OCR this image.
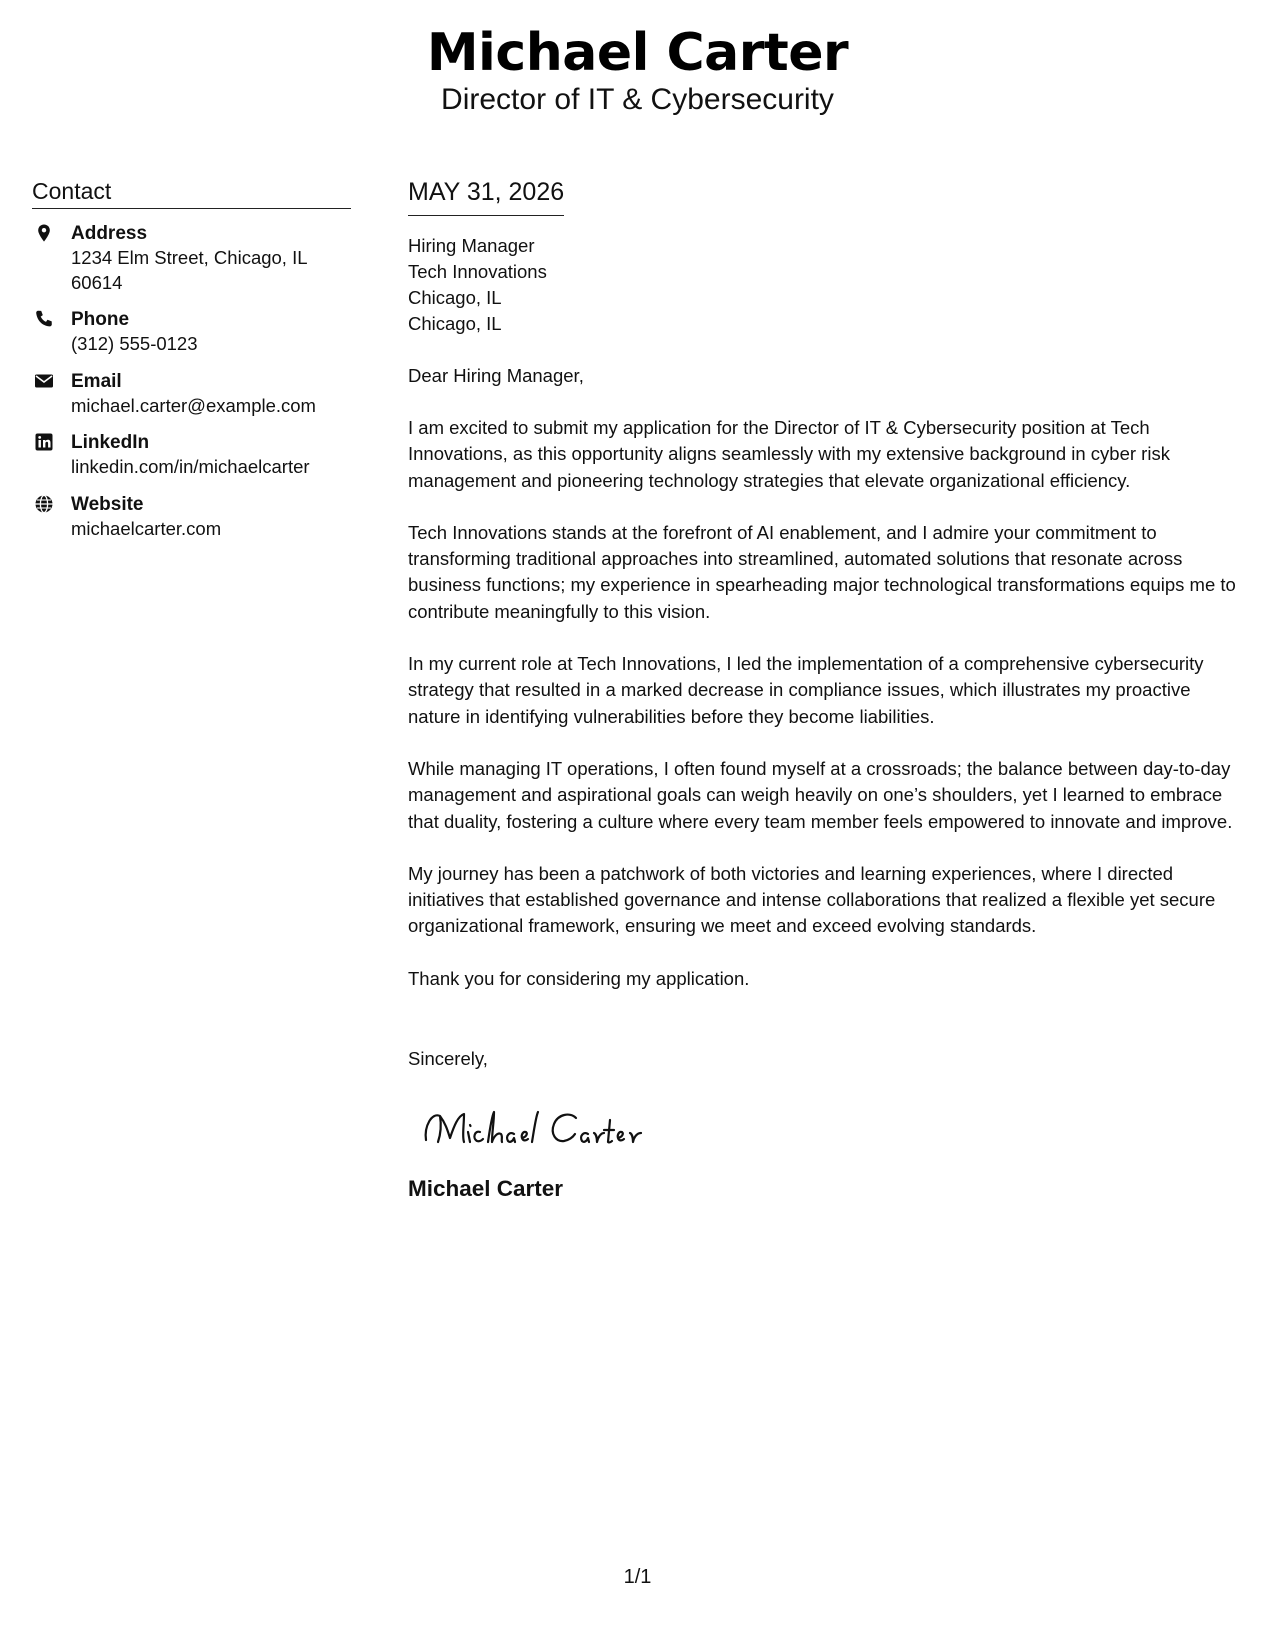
Michael Carter
Director of IT & Cybersecurity
Contact
Address
1234 Elm Street, Chicago, IL
60614
Phone
(312) 555-0123
Email
michael.carter@example.com
LinkedIn
linkedin.com/in/michaelcarter
Website
michaelcarter.com
MAY 31, 2026
Hiring Manager
Tech Innovations
Chicago, IL
Chicago, IL
Dear Hiring Manager,
I am excited to submit my application for the Director of IT & Cybersecurity position at Tech Innovations, as this opportunity aligns seamlessly with my extensive background in cyber risk management and pioneering technology strategies that elevate organizational efficiency.
Tech Innovations stands at the forefront of AI enablement, and I admire your commitment to transforming traditional approaches into streamlined, automated solutions that resonate across business functions; my experience in spearheading major technological transformations equips me to contribute meaningfully to this vision.
In my current role at Tech Innovations, I led the implementation of a comprehensive cybersecurity strategy that resulted in a marked decrease in compliance issues, which illustrates my proactive nature in identifying vulnerabilities before they become liabilities.
While managing IT operations, I often found myself at a crossroads; the balance between day-to-day management and aspirational goals can weigh heavily on one’s shoulders, yet I learned to embrace that duality, fostering a culture where every team member feels empowered to innovate and improve.
My journey has been a patchwork of both victories and learning experiences, where I directed initiatives that established governance and intense collaborations that realized a flexible yet secure organizational framework, ensuring we meet and exceed evolving standards.
Thank you for considering my application.
Sincerely,
Michael Carter
1/1
